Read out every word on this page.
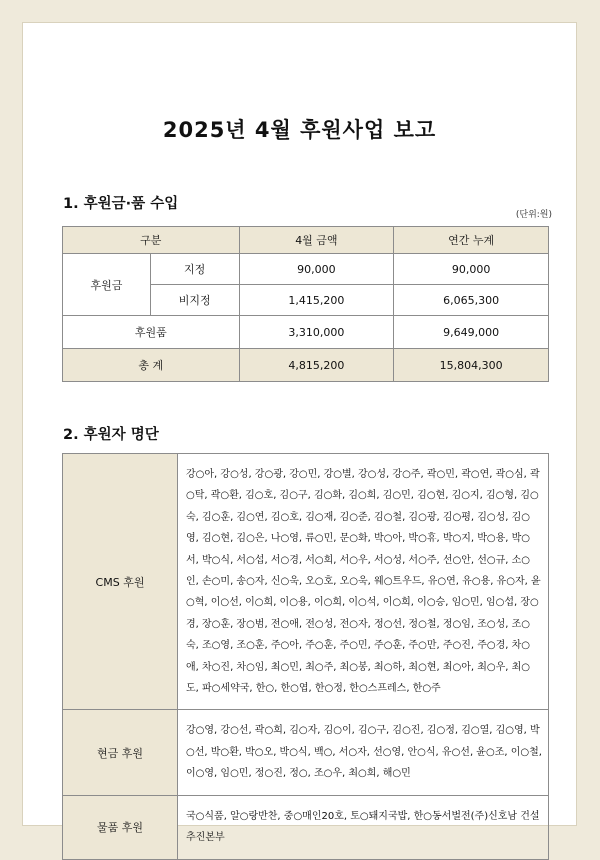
2025년 4월 후원사업 보고
1. 후원금·품 수입
(단위:원)
구분		4월 금액	연간 누계
후원금	지정	90,000	90,000
	비지정	1,415,200	6,065,300
후원품		3,310,000	9,649,000
총 계		4,815,200	15,804,300
2. 후원자 명단
CMS 후원	강○아, 강○성, 강○광, 강○민, 강○별, 강○성, 강○주, 곽○민, 곽○연, 곽○심, 곽○탁, 곽○환, 김○호, 김○구, 김○화, 김○희, 김○민, 김○현, 김○지, 김○형, 김○숙, 김○훈, 김○연, 김○호, 김○재, 김○준, 김○철, 김○광, 김○평, 김○성, 김○영, 김○현, 김○은, 나○영, 류○민, 문○화, 박○아, 박○휴, 박○지, 박○용, 박○서, 박○식, 서○섭, 서○경, 서○희, 서○우, 서○성, 서○주, 선○안, 선○규, 소○인, 손○미, 송○자, 신○욱, 오○호, 오○욱, 웨○트우드, 유○연, 유○용, 유○자, 윤○혁, 이○선, 이○희, 이○용, 이○희, 이○석, 이○희, 이○승, 임○민, 임○섭, 장○경, 장○훈, 장○범, 전○애, 전○성, 전○자, 정○선, 정○철, 정○임, 조○성, 조○숙, 조○영, 조○훈, 주○아, 주○훈, 주○민, 주○훈, 주○만, 주○진, 주○경, 차○애, 차○진, 차○임, 최○민, 최○주, 최○봉, 최○하, 최○현, 최○아, 최○우, 최○도, 파○세약국, 한○, 한○엽, 한○정, 한○스프레스, 한○주
현금 후원	강○영, 강○선, 곽○희, 김○자, 김○이, 김○구, 김○진, 김○정, 김○열, 김○영, 박○선, 박○환, 박○오, 박○식, 백○, 서○자, 선○영, 안○식, 유○선, 윤○조, 이○철, 이○영, 임○민, 정○진, 정○, 조○우, 최○희, 해○민
물품 후원	국○식품, 알○랑반찬, 중○매인20호, 토○돼지국밥, 한○동서벌전(주)신호남 건설추진본부
